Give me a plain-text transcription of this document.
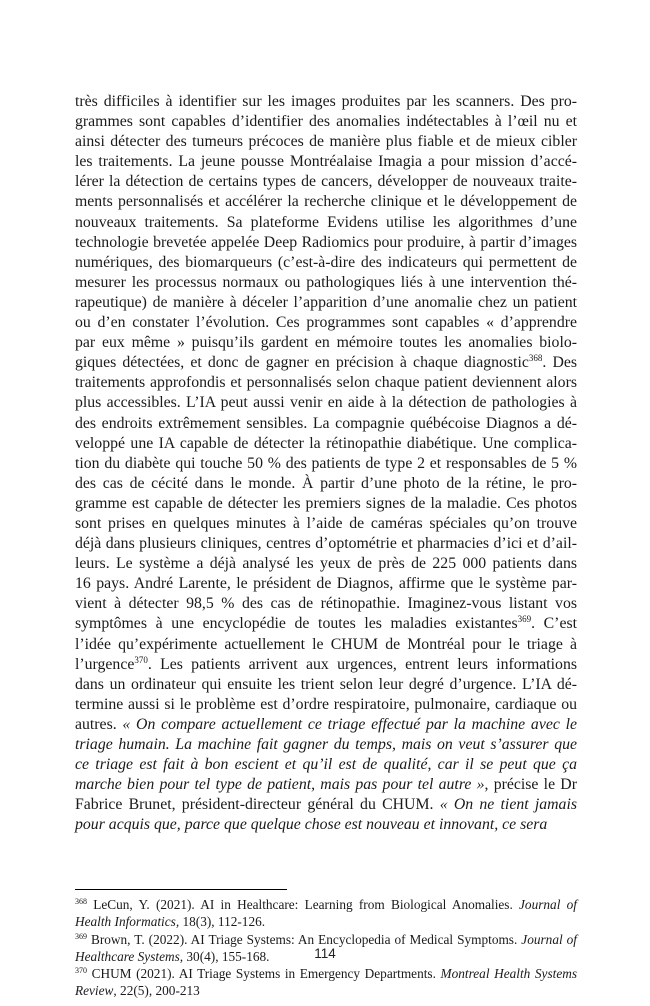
très difficiles à identifier sur les images produites par les scanners. Des pro-
grammes sont capables d’identifier des anomalies indétectables à l’œil nu et
ainsi détecter des tumeurs précoces de manière plus fiable et de mieux cibler
les traitements. La jeune pousse Montréalaise Imagia a pour mission d’accé-
lérer la détection de certains types de cancers, développer de nouveaux traite-
ments personnalisés et accélérer la recherche clinique et le développement de
nouveaux traitements. Sa plateforme Evidens utilise les algorithmes d’une
technologie brevetée appelée Deep Radiomics pour produire, à partir d’images
numériques, des biomarqueurs (c’est-à-dire des indicateurs qui permettent de
mesurer les processus normaux ou pathologiques liés à une intervention thé-
rapeutique) de manière à déceler l’apparition d’une anomalie chez un patient
ou d’en constater l’évolution. Ces programmes sont capables « d’apprendre
par eux même » puisqu’ils gardent en mémoire toutes les anomalies biolo-
giques détectées, et donc de gagner en précision à chaque diagnostic$^{368}$. Des
traitements approfondis et personnalisés selon chaque patient deviennent alors
plus accessibles. L’IA peut aussi venir en aide à la détection de pathologies à
des endroits extrêmement sensibles. La compagnie québécoise Diagnos a dé-
veloppé une IA capable de détecter la rétinopathie diabétique. Une complica-
tion du diabète qui touche 50 % des patients de type 2 et responsables de 5 %
des cas de cécité dans le monde. À partir d’une photo de la rétine, le pro-
gramme est capable de détecter les premiers signes de la maladie. Ces photos
sont prises en quelques minutes à l’aide de caméras spéciales qu’on trouve
déjà dans plusieurs cliniques, centres d’optométrie et pharmacies d’ici et d’ail-
leurs. Le système a déjà analysé les yeux de près de 225 000 patients dans
16 pays. André Larente, le président de Diagnos, affirme que le système par-
vient à détecter 98,5 % des cas de rétinopathie. Imaginez-vous listant vos
symptômes à une encyclopédie de toutes les maladies existantes$^{369}$. C’est
l’idée qu’expérimente actuellement le CHUM de Montréal pour le triage à
l’urgence$^{370}$. Les patients arrivent aux urgences, entrent leurs informations
dans un ordinateur qui ensuite les trient selon leur degré d’urgence. L’IA dé-
termine aussi si le problème est d’ordre respiratoire, pulmonaire, cardiaque ou
autres. « On compare actuellement ce triage effectué par la machine avec le
triage humain. La machine fait gagner du temps, mais on veut s’assurer que
ce triage est fait à bon escient et qu’il est de qualité, car il se peut que ça
marche bien pour tel type de patient, mais pas pour tel autre », précise le Dr
Fabrice Brunet, président-directeur général du CHUM. « On ne tient jamais
pour acquis que, parce que quelque chose est nouveau et innovant, ce sera
$^{368}$ LeCun, Y. (2021). AI in Healthcare: Learning from Biological Anomalies. Journal of Health Informatics, 18(3), 112-126.
$^{369}$ Brown, T. (2022). AI Triage Systems: An Encyclopedia of Medical Symptoms. Journal of Healthcare Systems, 30(4), 155-168.
$^{370}$ CHUM (2021). AI Triage Systems in Emergency Departments. Montreal Health Systems Review, 22(5), 200-213
114
